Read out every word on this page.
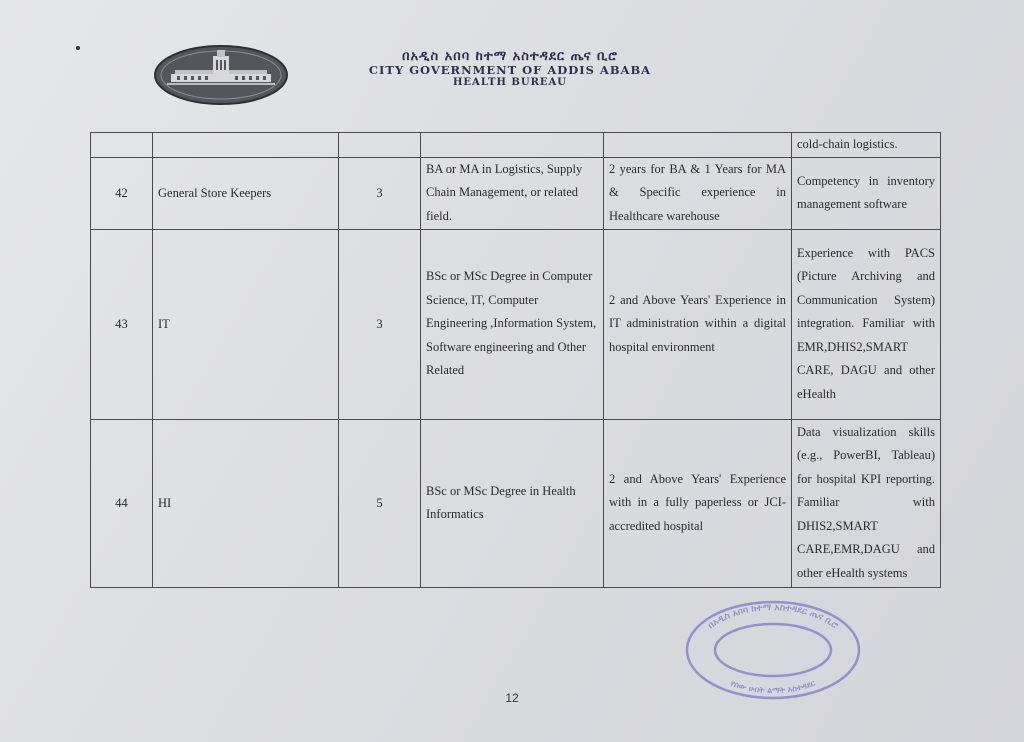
በአዲስ አበባ ከተማ አስተዳደር ጤና ቢሮ
CITY GOVERNMENT OF ADDIS ABABA
HEALTH BUREAU
					cold-chain logistics.
42	General Store Keepers	3	BA or MA in Logistics, Supply Chain Management, or related field.	2 years for BA & 1 Years for MA & Specific experience in Healthcare warehouse	Competency in inventory management software
43	IT	3	BSc or MSc Degree in Computer Science, IT, Computer Engineering ,Information System, Software engineering and Other Related	2 and Above Years' Experience in IT administration within a digital hospital environment	Experience with PACS (Picture Archiving and Communication System) integration. Familiar with EMR,DHIS2,SMART CARE, DAGU and other eHealth
44	HI	5	BSc or MSc Degree in Health Informatics	2 and Above Years' Experience with in a fully paperless or JCI-accredited hospital	Data visualization skills (e.g., PowerBI, Tableau) for hospital KPI reporting. Familiar with DHIS2,SMART CARE,EMR,DAGU and other eHealth systems
በአዲስ አበባ ከተማ አስተዳደር ጤና ቢሮ
የሰው ሀብት ልማት አስተዳደር
12
